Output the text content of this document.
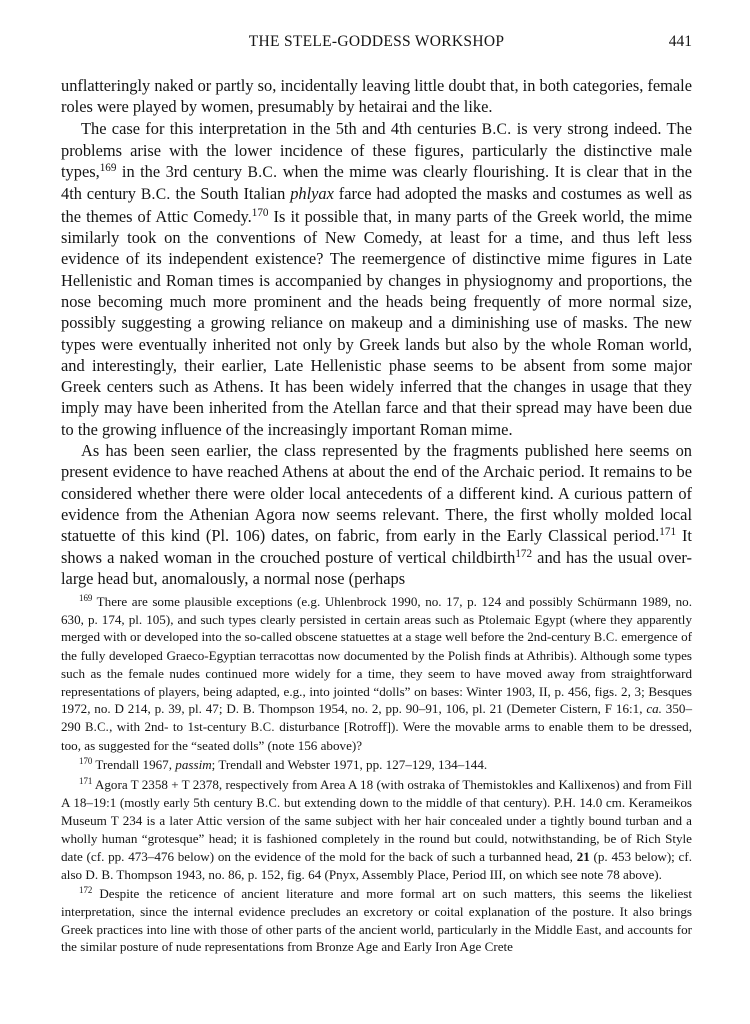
THE STELE-GODDESS WORKSHOP	441

unflatteringly naked or partly so, incidentally leaving little doubt that, in both categories, female roles were played by women, presumably by hetairai and the like.

The case for this interpretation in the 5th and 4th centuries B.C. is very strong indeed. The problems arise with the lower incidence of these figures, particularly the distinctive male types,$^{169}$ in the 3rd century B.C. when the mime was clearly flourishing. It is clear that in the 4th century B.C. the South Italian phlyax farce had adopted the masks and costumes as well as the themes of Attic Comedy.$^{170}$ Is it possible that, in many parts of the Greek world, the mime similarly took on the conventions of New Comedy, at least for a time, and thus left less evidence of its independent existence? The reemergence of distinctive mime figures in Late Hellenistic and Roman times is accompanied by changes in physiognomy and proportions, the nose becoming much more prominent and the heads being frequently of more normal size, possibly suggesting a growing reliance on makeup and a diminishing use of masks. The new types were eventually inherited not only by Greek lands but also by the whole Roman world, and interestingly, their earlier, Late Hellenistic phase seems to be absent from some major Greek centers such as Athens. It has been widely inferred that the changes in usage that they imply may have been inherited from the Atellan farce and that their spread may have been due to the growing influence of the increasingly important Roman mime.

As has been seen earlier, the class represented by the fragments published here seems on present evidence to have reached Athens at about the end of the Archaic period. It remains to be considered whether there were older local antecedents of a different kind. A curious pattern of evidence from the Athenian Agora now seems relevant. There, the first wholly molded local statuette of this kind (Pl. 106) dates, on fabric, from early in the Early Classical period.$^{171}$ It shows a naked woman in the crouched posture of vertical childbirth$^{172}$ and has the usual over-large head but, anomalously, a normal nose (perhaps

$^{169}$ There are some plausible exceptions (e.g. Uhlenbrock 1990, no. 17, p. 124 and possibly Schürmann 1989, no. 630, p. 174, pl. 105), and such types clearly persisted in certain areas such as Ptolemaic Egypt (where they apparently merged with or developed into the so-called obscene statuettes at a stage well before the 2nd-century B.C. emergence of the fully developed Graeco-Egyptian terracottas now documented by the Polish finds at Athribis). Although some types such as the female nudes continued more widely for a time, they seem to have moved away from straightforward representations of players, being adapted, e.g., into jointed “dolls” on bases: Winter 1903, II, p. 456, figs. 2, 3; Besques 1972, no. D 214, p. 39, pl. 47; D. B. Thompson 1954, no. 2, pp. 90–91, 106, pl. 21 (Demeter Cistern, F 16:1, ca. 350–290 B.C., with 2nd- to 1st-century B.C. disturbance [Rotroff]). Were the movable arms to enable them to be dressed, too, as suggested for the “seated dolls” (note 156 above)?

$^{170}$ Trendall 1967, passim; Trendall and Webster 1971, pp. 127–129, 134–144.

$^{171}$ Agora T 2358 + T 2378, respectively from Area A 18 (with ostraka of Themistokles and Kallixenos) and from Fill A 18–19:1 (mostly early 5th century B.C. but extending down to the middle of that century). P.H. 14.0 cm. Kerameikos Museum T 234 is a later Attic version of the same subject with her hair concealed under a tightly bound turban and a wholly human “grotesque” head; it is fashioned completely in the round but could, notwithstanding, be of Rich Style date (cf. pp. 473–476 below) on the evidence of the mold for the back of such a turbanned head, 21 (p. 453 below); cf. also D. B. Thompson 1943, no. 86, p. 152, fig. 64 (Pnyx, Assembly Place, Period III, on which see note 78 above).

$^{172}$ Despite the reticence of ancient literature and more formal art on such matters, this seems the likeliest interpretation, since the internal evidence precludes an excretory or coital explanation of the posture. It also brings Greek practices into line with those of other parts of the ancient world, particularly in the Middle East, and accounts for the similar posture of nude representations from Bronze Age and Early Iron Age Crete
